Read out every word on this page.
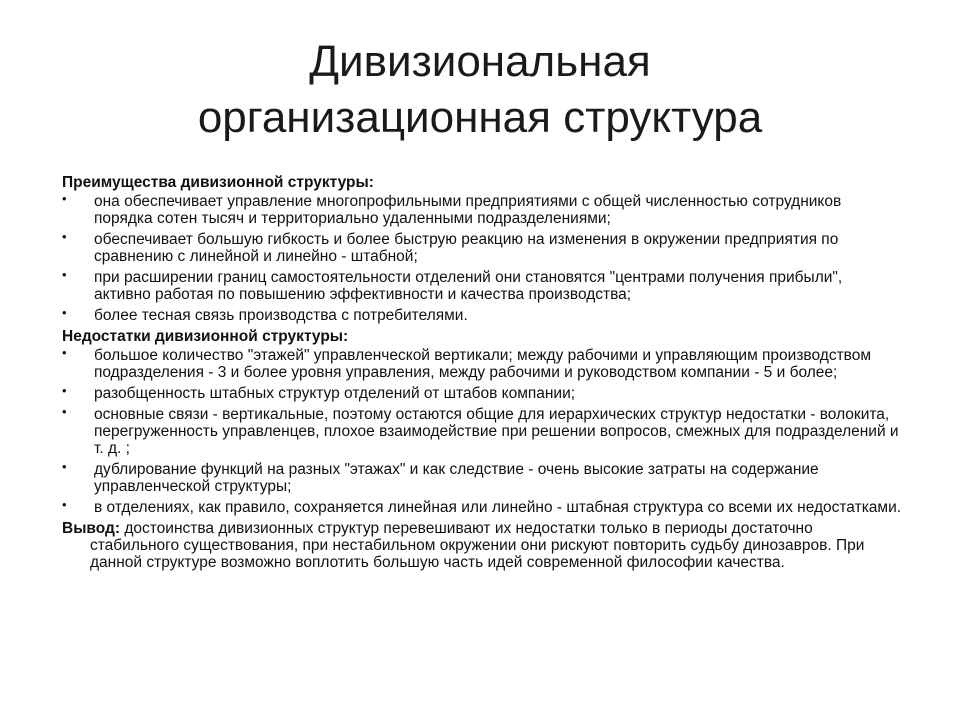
Дивизиональная
организационная структура
Преимущества дивизионной структуры:
• она обеспечивает управление многопрофильными предприятиями с общей численностью сотрудников порядка сотен тысяч и территориально удаленными подразделениями;
• обеспечивает большую гибкость и более быструю реакцию на изменения в окружении предприятия по сравнению с линейной и линейно - штабной;
• при расширении границ самостоятельности отделений они становятся "центрами получения прибыли", активно работая по повышению эффективности и качества производства;
• более тесная связь производства с потребителями.
Недостатки дивизионной структуры:
• большое количество "этажей" управленческой вертикали; между рабочими и управляющим производством подразделения - 3 и более уровня управления, между рабочими и руководством компании - 5 и более;
• разобщенность штабных структур отделений от штабов компании;
• основные связи - вертикальные, поэтому остаются общие для иерархических структур недостатки - волокита, перегруженность управленцев, плохое взаимодействие при решении вопросов, смежных для подразделений и т. д. ;
• дублирование функций на разных "этажах" и как следствие - очень высокие затраты на содержание управленческой структуры;
• в отделениях, как правило, сохраняется линейная или линейно - штабная структура со всеми их недостатками.
Вывод: достоинства дивизионных структур перевешивают их недостатки только в периоды достаточно стабильного существования, при нестабильном окружении они рискуют повторить судьбу динозавров. При данной структуре возможно воплотить большую часть идей современной философии качества.
